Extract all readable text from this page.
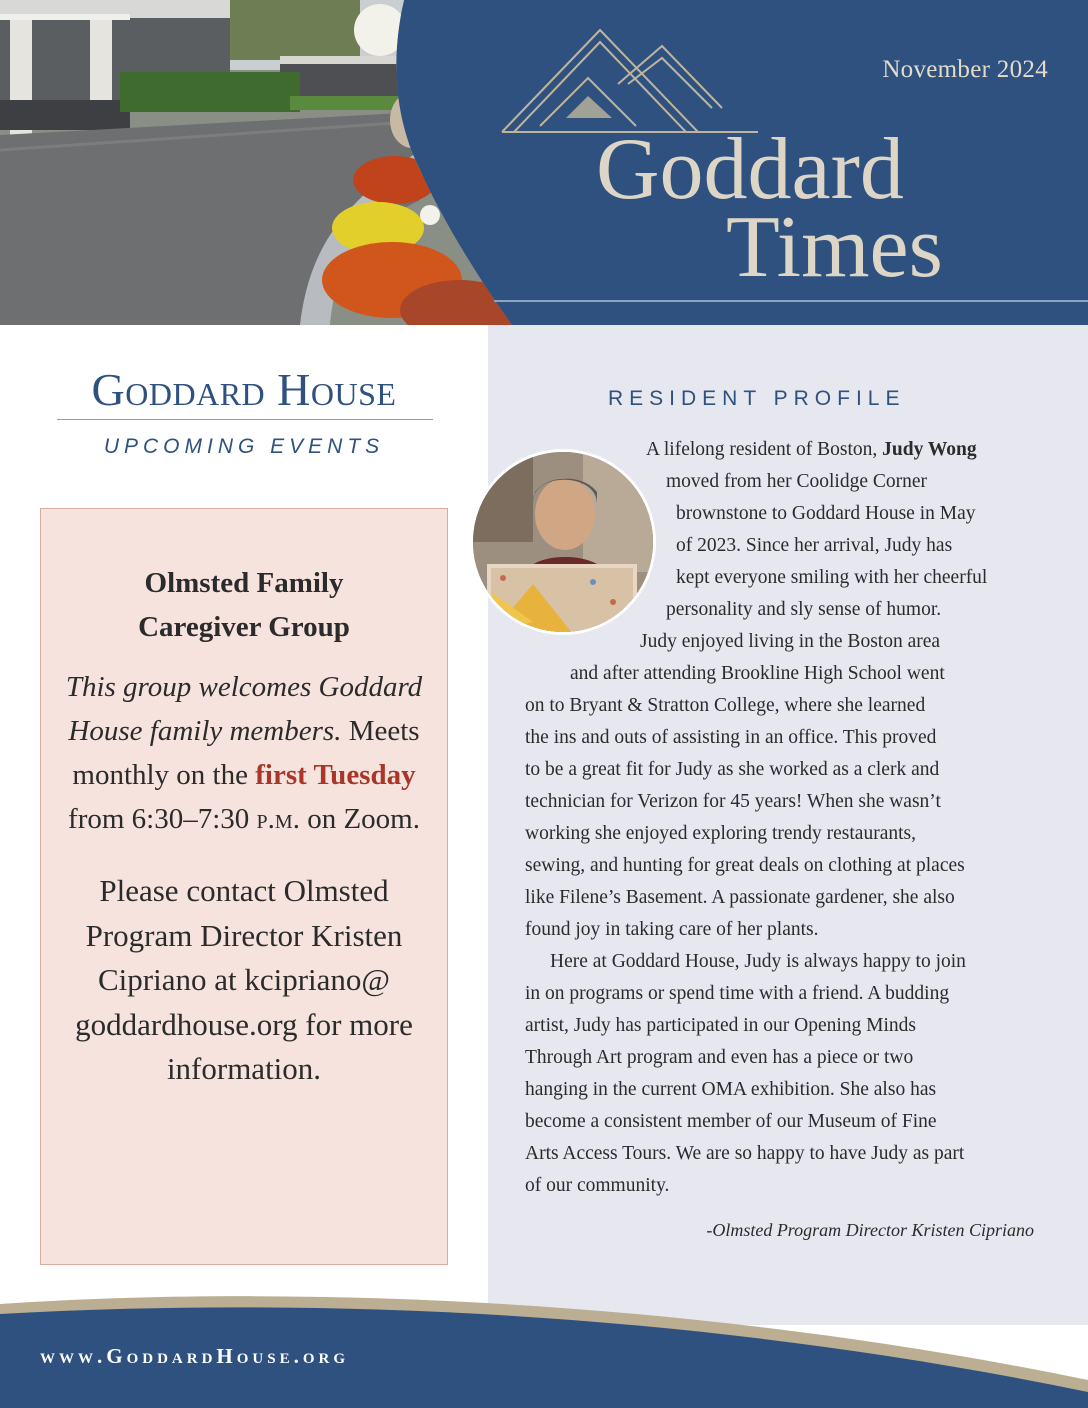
November 2024
Goddard
Times
Goddard House
UPCOMING EVENTS
Olmsted Family Caregiver Group
This group welcomes Goddard House family members. Meets monthly on the first Tuesday from 6:30–7:30 p.m. on Zoom.
Please contact Olmsted Program Director Kristen Cipriano at kcipriano@ goddardhouse.org for more information.
RESIDENT PROFILE
A lifelong resident of Boston, Judy Wong
moved from her Coolidge Corner
brownstone to Goddard House in May
of 2023. Since her arrival, Judy has
kept everyone smiling with her cheerful
personality and sly sense of humor.
Judy enjoyed living in the Boston area
and after attending Brookline High School went
on to Bryant & Stratton College, where she learned
the ins and outs of assisting in an office. This proved
to be a great fit for Judy as she worked as a clerk and
technician for Verizon for 45 years! When she wasn’t
working she enjoyed exploring trendy restaurants,
sewing, and hunting for great deals on clothing at places
like Filene’s Basement. A passionate gardener, she also
found joy in taking care of her plants.
Here at Goddard House, Judy is always happy to join
in on programs or spend time with a friend. A budding
artist, Judy has participated in our Opening Minds
Through Art program and even has a piece or two
hanging in the current OMA exhibition. She also has
become a consistent member of our Museum of Fine
Arts Access Tours. We are so happy to have Judy as part
of our community.
-Olmsted Program Director Kristen Cipriano
www.GoddardHouse.org
